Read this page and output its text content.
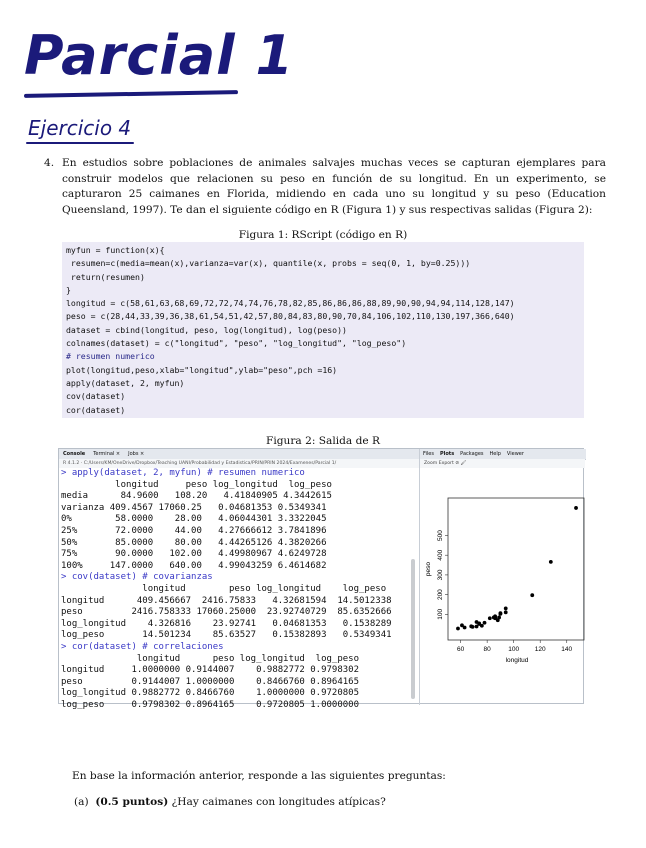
Parcial 1
Ejercicio 4
4. En estudios sobre poblaciones de animales salvajes muchas veces se capturan ejemplares para construir modelos que relacionen su peso en función de su longitud. En un experimento, se capturaron 25 caimanes en Florida, midiendo en cada uno su longitud y su peso (Education Queensland, 1997). Te dan el siguiente código en R (Figura 1) y sus respectivas salidas (Figura 2):
Figura 1: RScript (código en R)
myfun = function(x){
resumen=c(media=mean(x),varianza=var(x), quantile(x, probs = seq(0, 1, by=0.25)))
return(resumen)
}
longitud = c(58,61,63,68,69,72,72,74,74,76,78,82,85,86,86,86,88,89,90,90,94,94,114,128,147)
peso = c(28,44,33,39,36,38,61,54,51,42,57,80,84,83,80,90,70,84,106,102,110,130,197,366,640)
dataset = cbind(longitud, peso, log(longitud), log(peso))
colnames(dataset) = c("longitud", "peso", "log_longitud", "log_peso")
# resumen numerico
plot(longitud,peso,xlab="longitud",ylab="peso",pch =16)
apply(dataset, 2, myfun)
cov(dataset)
cor(dataset)
Figura 2: Salida de R
Console Terminal × Jobs ×
R 4.1.2 · C:/Users/KM/OneDrive/Dropbox/Teaching UANI/Probabilidad y Estadistica/PRIN/PRIN 2024/Examenes/Parcial 1/
> apply(dataset, 2, myfun) # resumen numerico
longitud     peso log_longitud  log_peso
media      84.9600   108.20   4.41840905 4.3442615
varianza 409.4567 17060.25   0.04681353 0.5349341
0%        58.0000    28.00   4.06044301 3.3322045
25%       72.0000    44.00   4.27666612 3.7841896
50%       85.0000    80.00   4.44265126 4.3820266
75%       90.0000   102.00   4.49980967 4.6249728
100%     147.0000   640.00   4.99043259 6.4614682
> cov(dataset) # covarianzas
longitud        peso log_longitud    log_peso
longitud      409.456667  2416.75833   4.32681594  14.5012338
peso         2416.758333 17060.25000  23.92740729  85.6352666
log_longitud    4.326816    23.92741   0.04681353   0.1538289
log_peso       14.501234    85.63527   0.15382893   0.5349341
> cor(dataset) # correlaciones
longitud      peso log_longitud  log_peso
longitud     1.0000000 0.9144007    0.9882772 0.9798302
peso         0.9144007 1.0000000    0.8466760 0.8964165
log_longitud 0.9882772 0.8466760    1.0000000 0.9720805
log_peso     0.9798302 0.8964165    0.9720805 1.0000000
Files Plots Packages Help Viewer
Zoom Export ⊘ 🖌
60	80	100 120 140
100
200
300
400
500
longitud
peso
En base la información anterior, responde a las siguientes preguntas:
(a) (0.5 puntos) ¿Hay caimanes con longitudes atípicas?
